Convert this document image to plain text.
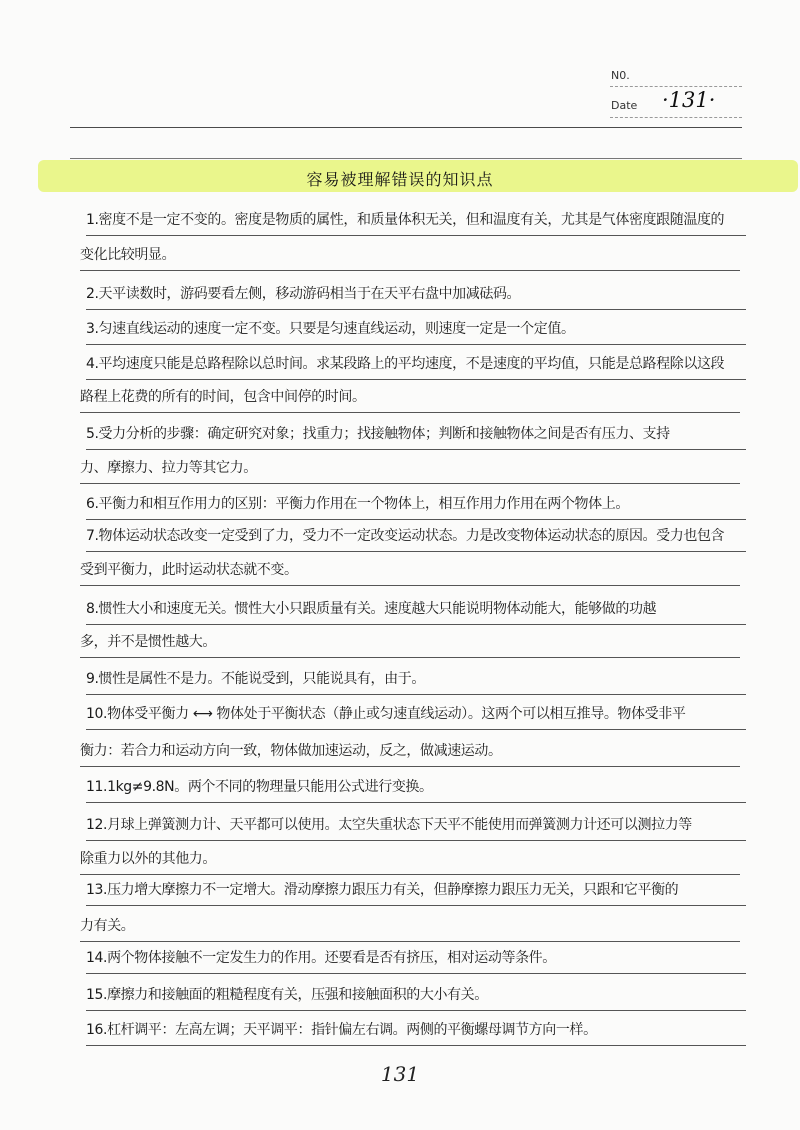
N0.
Date ·131·
容易被理解错误的知识点
1.密度不是一定不变的。密度是物质的属性，和质量体积无关，但和温度有关，尤其是气体密度跟随温度的
变化比较明显。
2.天平读数时，游码要看左侧，移动游码相当于在天平右盘中加减砝码。
3.匀速直线运动的速度一定不变。只要是匀速直线运动，则速度一定是一个定值。
4.平均速度只能是总路程除以总时间。求某段路上的平均速度，不是速度的平均值，只能是总路程除以这段
路程上花费的所有的时间，包含中间停的时间。
5.受力分析的步骤：确定研究对象；找重力；找接触物体；判断和接触物体之间是否有压力、支持
力、摩擦力、拉力等其它力。
6.平衡力和相互作用力的区别：平衡力作用在一个物体上，相互作用力作用在两个物体上。
7.物体运动状态改变一定受到了力，受力不一定改变运动状态。力是改变物体运动状态的原因。受力也包含
受到平衡力，此时运动状态就不变。
8.惯性大小和速度无关。惯性大小只跟质量有关。速度越大只能说明物体动能大，能够做的功越
多，并不是惯性越大。
9.惯性是属性不是力。不能说受到，只能说具有，由于。
10.物体受平衡力 ⟷ 物体处于平衡状态（静止或匀速直线运动）。这两个可以相互推导。物体受非平
衡力：若合力和运动方向一致，物体做加速运动，反之，做减速运动。
11.1kg≠9.8N。两个不同的物理量只能用公式进行变换。
12.月球上弹簧测力计、天平都可以使用。太空失重状态下天平不能使用而弹簧测力计还可以测拉力等
除重力以外的其他力。
13.压力增大摩擦力不一定增大。滑动摩擦力跟压力有关，但静摩擦力跟压力无关，只跟和它平衡的
力有关。
14.两个物体接触不一定发生力的作用。还要看是否有挤压，相对运动等条件。
15.摩擦力和接触面的粗糙程度有关，压强和接触面积的大小有关。
16.杠杆调平：左高左调；天平调平：指针偏左右调。两侧的平衡螺母调节方向一样。
131
